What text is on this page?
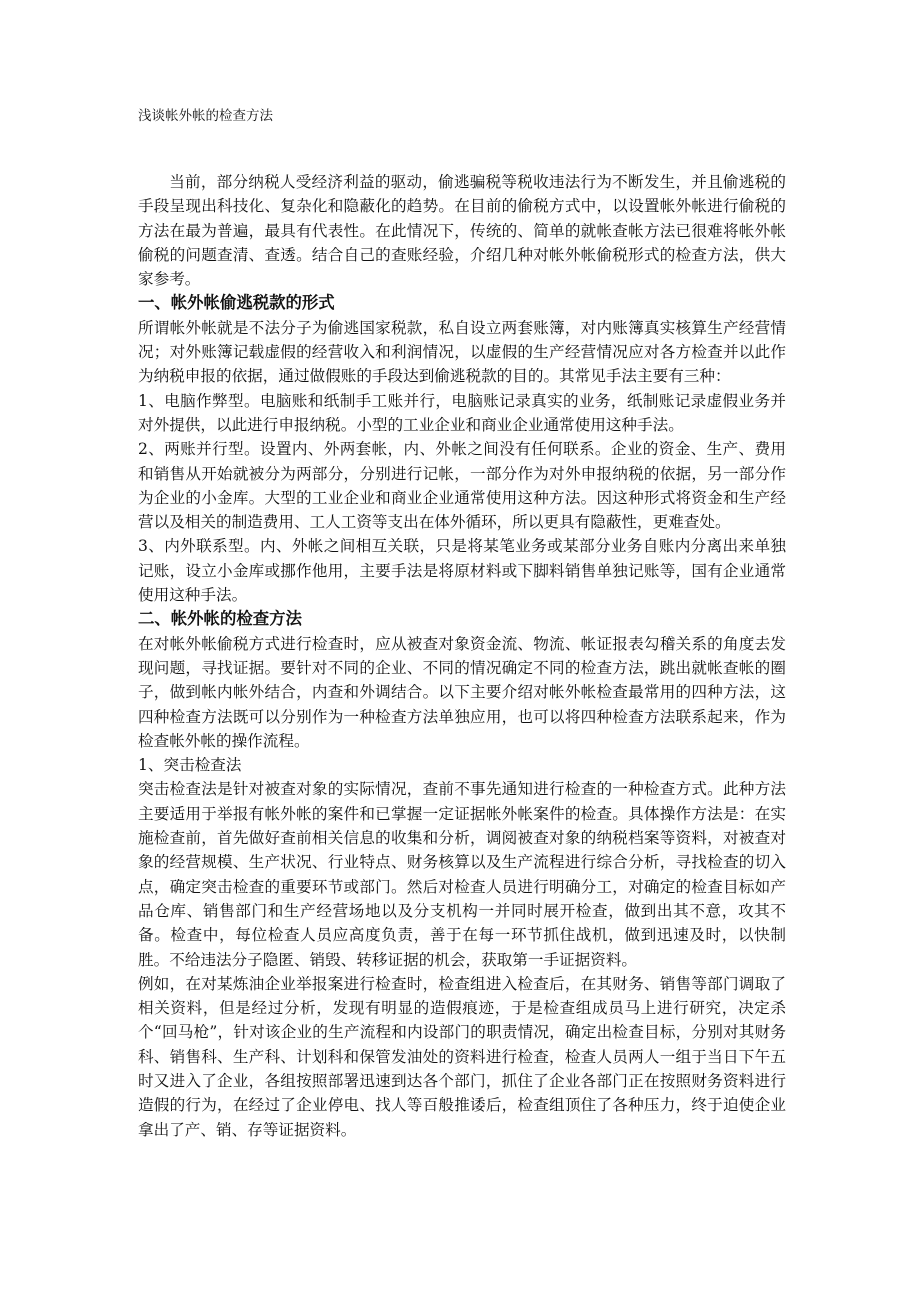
浅谈帐外帐的检查方法

当前，部分纳税人受经济利益的驱动，偷逃骗税等税收违法行为不断发生，并且偷逃税的手段呈现出科技化、复杂化和隐蔽化的趋势。在目前的偷税方式中，以设置帐外帐进行偷税的方法在最为普遍，最具有代表性。在此情况下，传统的、简单的就帐查帐方法已很难将帐外帐偷税的问题查清、查透。结合自己的查账经验，介绍几种对帐外帐偷税形式的检查方法，供大家参考。

一、帐外帐偷逃税款的形式

所谓帐外帐就是不法分子为偷逃国家税款，私自设立两套账簿，对内账簿真实核算生产经营情况；对外账簿记载虚假的经营收入和利润情况，以虚假的生产经营情况应对各方检查并以此作为纳税申报的依据，通过做假账的手段达到偷逃税款的目的。其常见手法主要有三种：

1、电脑作弊型。电脑账和纸制手工账并行，电脑账记录真实的业务，纸制账记录虚假业务并对外提供，以此进行申报纳税。小型的工业企业和商业企业通常使用这种手法。

2、两账并行型。设置内、外两套帐，内、外帐之间没有任何联系。企业的资金、生产、费用和销售从开始就被分为两部分，分别进行记帐，一部分作为对外申报纳税的依据，另一部分作为企业的小金库。大型的工业企业和商业企业通常使用这种方法。因这种形式将资金和生产经营以及相关的制造费用、工人工资等支出在体外循环，所以更具有隐蔽性，更难查处。

3、内外联系型。内、外帐之间相互关联，只是将某笔业务或某部分业务自账内分离出来单独记账，设立小金库或挪作他用，主要手法是将原材料或下脚料销售单独记账等，国有企业通常使用这种手法。

二、帐外帐的检查方法

在对帐外帐偷税方式进行检查时，应从被查对象资金流、物流、帐证报表勾稽关系的角度去发现问题，寻找证据。要针对不同的企业、不同的情况确定不同的检查方法，跳出就帐查帐的圈子，做到帐内帐外结合，内查和外调结合。以下主要介绍对帐外帐检查最常用的四种方法，这四种检查方法既可以分别作为一种检查方法单独应用，也可以将四种检查方法联系起来，作为检查帐外帐的操作流程。

1、突击检查法

突击检查法是针对被查对象的实际情况，查前不事先通知进行检查的一种检查方式。此种方法主要适用于举报有帐外帐的案件和已掌握一定证据帐外帐案件的检查。具体操作方法是：在实施检查前，首先做好查前相关信息的收集和分析，调阅被查对象的纳税档案等资料，对被查对象的经营规模、生产状况、行业特点、财务核算以及生产流程进行综合分析，寻找检查的切入点，确定突击检查的重要环节或部门。然后对检查人员进行明确分工，对确定的检查目标如产品仓库、销售部门和生产经营场地以及分支机构一并同时展开检查，做到出其不意，攻其不备。检查中，每位检查人员应高度负责，善于在每一环节抓住战机，做到迅速及时，以快制胜。不给违法分子隐匿、销毁、转移证据的机会，获取第一手证据资料。

例如，在对某炼油企业举报案进行检查时，检查组进入检查后，在其财务、销售等部门调取了相关资料，但是经过分析，发现有明显的造假痕迹，于是检查组成员马上进行研究，决定杀个“回马枪”，针对该企业的生产流程和内设部门的职责情况，确定出检查目标，分别对其财务科、销售科、生产科、计划科和保管发油处的资料进行检查，检查人员两人一组于当日下午五时又进入了企业，各组按照部署迅速到达各个部门，抓住了企业各部门正在按照财务资料进行造假的行为，在经过了企业停电、找人等百般推诿后，检查组顶住了各种压力，终于迫使企业拿出了产、销、存等证据资料。
